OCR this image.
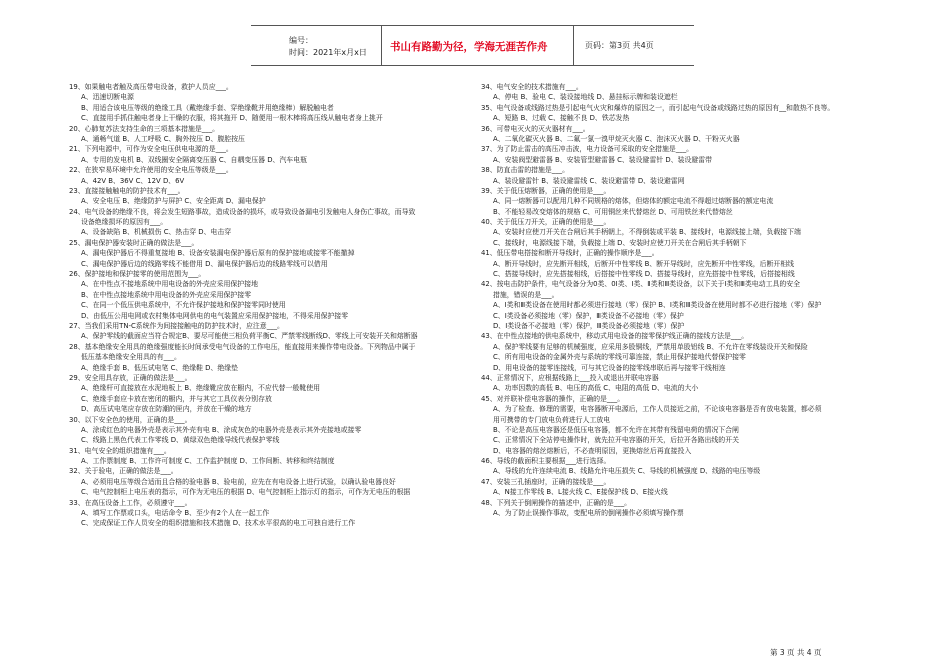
编号：
时间：2021年x月x日 书山有路勤为径，学海无涯苦作舟	页码：第3页 共4页
19、如果触电者触及高压带电设备，救护人员应___。
A、迅速切断电源
B、用适合该电压等级的绝缘工具（戴绝缘手套、穿绝缘靴并用绝缘棒）解脱触电者
C、直接用手抓住触电者身上干燥的衣服，将其拖开 D、随便用一根木棒将高压线从触电者身上挑开
20、心肺复苏法支持生命的三项基本措施是___。
A、通畅气道 B、人工呼吸 C、胸外按压 D、腹腔按压
21、下列电源中，可作为安全电压供电电源的是___。
A、专用的发电机 B、双线圈安全隔离变压器 C、自耦变压器 D、汽车电瓶
22、在狭窄易环境中允许使用的安全电压等级是___。
A、42V B、36V C、12V D、6V
23、直接接触触电的防护技术有___。
A、安全电压 B、绝缘防护与屏护 C、安全距离 D、漏电保护
24、电气设备的绝缘不良，将会发生短路事故，造成设备的损坏，或导致设备漏电引发触电人身伤亡事故，而导致
设备绝缘损坏的原因有___。
A、设备缺陷 B、机械损伤 C、热击穿 D、电击穿
25、漏电保护器安装时正确的做法是___。
A、漏电保护器后不得重复接地 B、设备安装漏电保护器后原有的保护接地或接零不能撤掉
C、漏电保护器后边的线路零线不能借用 D、漏电保护器后边的线路零线可以借用
26、保护接地和保护接零的使用范围为___。
A、在中性点不接地系统中用电设备的外壳应采用保护接地
B、在中性点接地系统中用电设备的外壳应采用保护接零
C、在同一个低压供电系统中，不允许保护接地和保护接零同时使用
D、由低压公用电网或农村集体电网供电的电气装置应采用保护接地，不得采用保护接零
27、当我们采用TN-C系统作为间接接触电的防护技术时，应注意___。
A、保护零线的截面应当符合规定B、要尽可能使三相负荷平衡C、严禁零线断线D、零线上可安装开关和熔断器
28、基本绝缘安全用具的绝缘强度能长时间承受电气设备的工作电压，能直接用来操作带电设备。下列物品中属于
低压基本绝缘安全用具的有___。
A、绝缘手套 B、低压试电笔 C、绝缘鞋 D、绝缘垫
29、安全用具存放，正确的做法是___。
A、绝缘杆可直接放在水泥地板上 B、绝缘靴应放在橱内，不应代替一般靴使用
C、绝缘手套应卡放在密闭的橱内，并与其它工具仪表分别存放
D、高压试电笔应存放在防潮的匣内，并放在干燥的地方
30、以下安全色的使用，正确的是___。
A、涂成红色的电器外壳是表示其外壳有电 B、涂成灰色的电器外壳是表示其外壳接地或接零
C、线路上黑色代表工作零线 D、黄绿双色绝缘导线代表保护零线
31、电气安全的组织措施有___。
A、工作票制度 B、工作许可制度 C、工作监护制度 D、工作间断、转移和终结制度
32、关于验电，正确的做法是___。
A、必须用电压等级合适而且合格的验电器 B、验电前，应先在有电设备上进行试验，以确认验电器良好
C、电气控制柜上电压表的指示，可作为无电压的根据 D、电气控制柜上指示灯的指示，可作为无电压的根据
33、在高压设备上工作，必须遵守___。
A、填写工作票或口头，电话命令 B、至少有2个人在一起工作
C、完成保证工作人员安全的组织措施和技术措施 D、技术水平很高的电工可独自进行工作
34、电气安全的技术措施有___。
A、停电 B、验电 C、装设接地线 D、悬挂标示牌和装设遮栏
35、电气设备或线路过热是引起电气火灾和爆炸的原因之一，而引起电气设备或线路过热的原因有__和散热不良等。
A、短路 B、过载 C、接触不良 D、铁芯发热
36、可带电灭火的灭火器材有___。
A、二氧化碳灭火器 B、二氟一氯一溴甲烷灭火器 C、泡沫灭火器 D、干粉灭火器
37、为了防止雷击的高压冲击波，电力设备可采取的安全措施是___。
A、安装阀型避雷器 B、安装管型避雷器 C、装设避雷针 D、装设避雷带
38、防直击雷的措施是___。
A、装设避雷针 B、装设避雷线 C、装设避雷带 D、装设避雷网
39、关于低压熔断器，正确的使用是___。
A、同一熔断器可以配用几种不同规格的熔体，但熔体的额定电流不得超过熔断器的额定电流
B、不能轻易改变熔体的规格 C、可用铜丝来代替熔丝 D、可用铁丝来代替熔丝
40、关于低压刀开关，正确的使用是___。
A、安装时应使刀开关在合闸后其手柄朝上，不得倒装或平装 B、接线时，电源线接上端，负载接下端
C、接线时，电源线接下端，负载接上端 D、安装时应使刀开关在合闸后其手柄朝下
41、低压带电搭接和断开导线时，正确的操作顺序是___。
A、断开导线时，应先断开相线，后断开中性零线 B、断开导线时，应先断开中性零线，后断开相线
C、搭接导线时，应先搭接相线，后搭接中性零线 D、搭接导线时，应先搭接中性零线，后搭接相线
42、按电击防护条件，电气设备分为0类、0Ⅰ类、Ⅰ类、Ⅱ类和Ⅲ类设备，以下关于Ⅰ类和Ⅲ类电动工具的安全
措施，错误的是___。
A、Ⅰ类和Ⅲ类设备在使用时都必须进行接地（零）保护 B、Ⅰ类和Ⅲ类设备在使用时都不必进行接地（零）保护
C、Ⅰ类设备必须接地（零）保护，Ⅲ类设备不必接地（零）保护
D、Ⅰ类设备不必接地（零）保护，Ⅲ类设备必须接地（零）保护
43、在中性点接地的供电系统中，移动式用电设备的接零保护线正确的接线方法是___。
A、保护零线要有足够的机械强度，应采用多股铜线，严禁用单股铝线 B、不允许在零线装设开关和保险
C、所有用电设备的金属外壳与系统的零线可靠连接，禁止用保护接地代替保护接零
D、用电设备的接零连接线，可与其它设备的接零线串联后再与接零干线相连
44、正常情况下，应根据线路上___投入或退出并联电容器
A、功率因数的高低 B、电压的高低 C、电阻的高低 D、电流的大小
45、对并联补偿电容器的操作，正确的是___。
A、为了检查、修理的需要，电容器断开电源后，工作人员接近之前，不论该电容器是否有放电装置，都必须
用可携带的专门放电负荷进行人工放电
B、不论是高压电容器还是低压电容器，都不允许在其带有残留电荷的情况下合闸
C、正常情况下全站停电操作时，就先拉开电容器的开关，后拉开各路出线的开关
D、电容器的熔丝熔断后，不必查明原因，更换熔丝后再直接投入
46、导线的截面积主要根据___进行选择。
A、导线的允许连续电流 B、线路允许电压损失 C、导线的机械强度 D、线路的电压等级
47、安装三孔插座时，正确的接线是___。
A、N接工作零线 B、L接火线 C、E接保护线 D、E接火线
48、下列关于倒闸操作的描述中，正确的是___。
A、为了防止误操作事故，变配电所的倒闸操作必须填写操作票
第 3 页 共 4 页
